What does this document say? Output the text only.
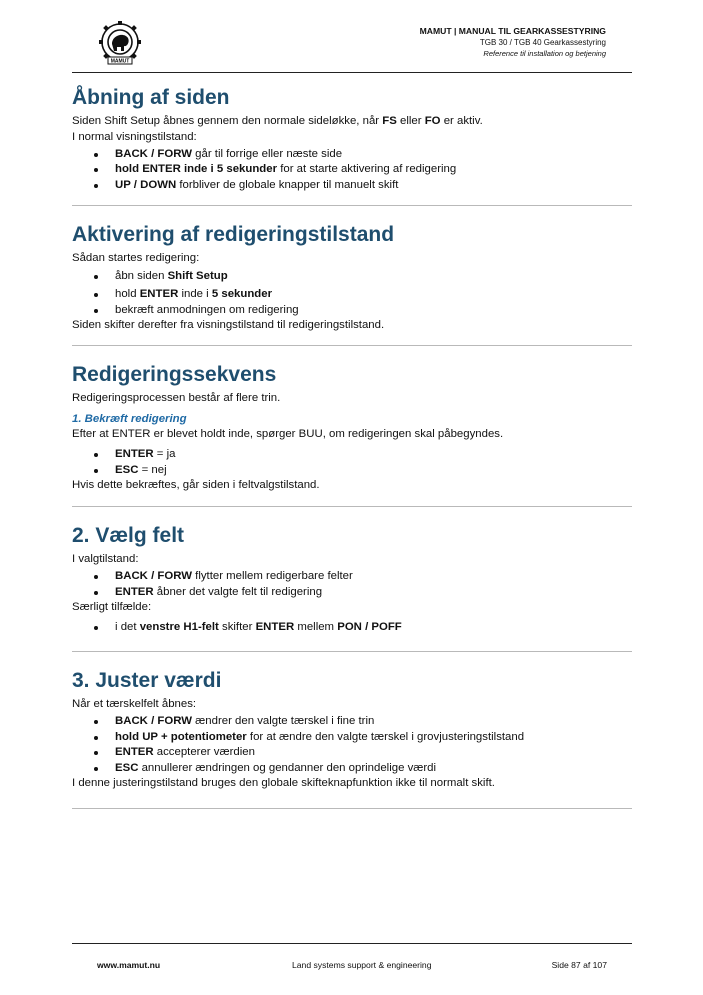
MAMUT
MAMUT | MANUAL TIL GEARKASSESTYRING
TGB 30 / TGB 40 Gearkassestyring
Reference til installation og betjening
Åbning af siden

Siden Shift Setup åbnes gennem den normale sideløkke, når FS eller FO er aktiv.

I normal visningstilstand:

BACK / FORW går til forrige eller næste side
hold ENTER inde i 5 sekunder for at starte aktivering af redigering
UP / DOWN forbliver de globale knapper til manuelt skift
Aktivering af redigeringstilstand

Sådan startes redigering:

åbn siden Shift Setup
hold ENTER inde i 5 sekunder
bekræft anmodningen om redigering

Siden skifter derefter fra visningstilstand til redigeringstilstand.

Redigeringssekvens

Redigeringsprocessen består af flere trin.

1. Bekræft redigering

Efter at ENTER er blevet holdt inde, spørger BUU, om redigeringen skal påbegyndes.

ENTER = ja
ESC = nej

Hvis dette bekræftes, går siden i feltvalgstilstand.

2. Vælg felt

I valgtilstand:

BACK / FORW flytter mellem redigerbare felter
ENTER åbner det valgte felt til redigering

Særligt tilfælde:

i det venstre H1-felt skifter ENTER mellem PON / POFF
3. Juster værdi

Når et tærskelfelt åbnes:

BACK / FORW ændrer den valgte tærskel i fine trin
hold UP + potentiometer for at ændre den valgte tærskel i grovjusteringstilstand
ENTER accepterer værdien
ESC annullerer ændringen og gendanner den oprindelige værdi

I denne justeringstilstand bruges den globale skifteknapfunktion ikke til normalt skift.

www.mamut.nu	Land systems support & engineering	Side 87 af 107
